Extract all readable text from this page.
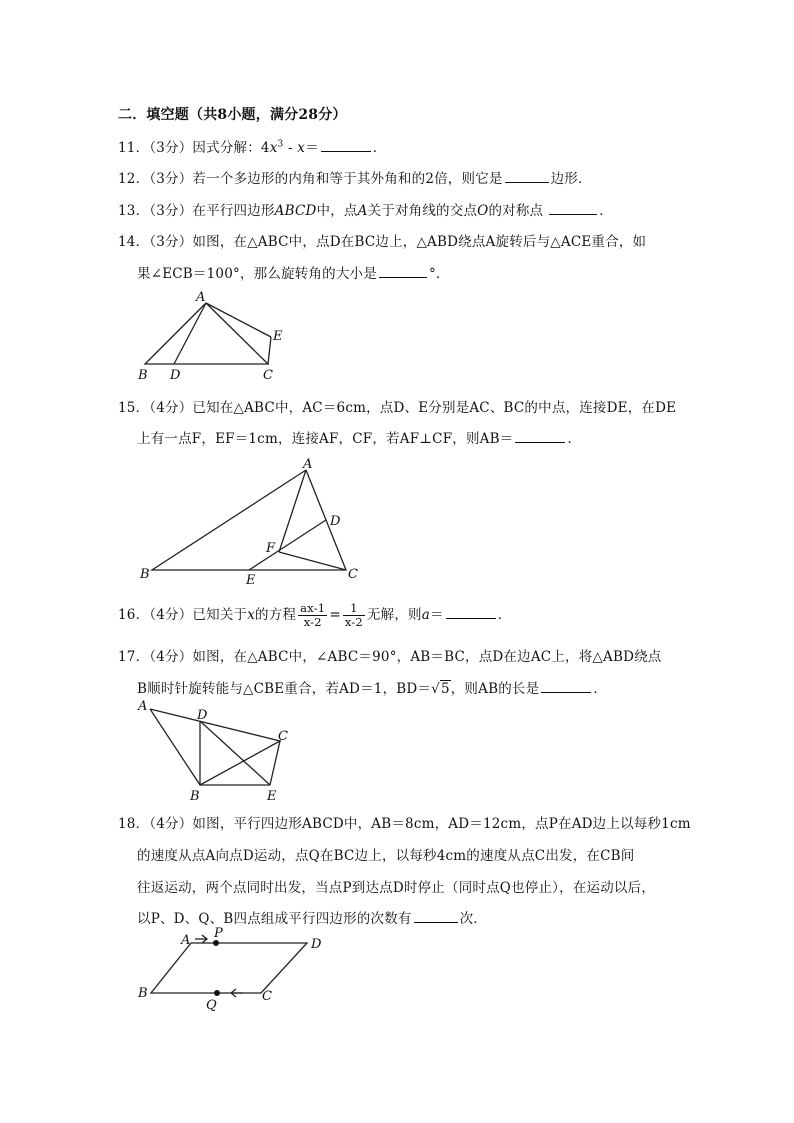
二．填空题（共8小题，满分28分）
11．（3分）因式分解：$4x^3 - x=$	．
12．（3分）若一个多边形的内角和等于其外角和的2倍，则它是	边形．
13．（3分）在平行四边形ABCD中，点A关于对角线的交点O的对称点	．
14．（3分）如图，在△ABC中，点D在BC边上，△ABD绕点A旋转后与△ACE重合，如
果∠ECB＝100°，那么旋转角的大小是	°．
A
B D	C
E
15．（4分）已知在△ABC中，AC＝6cm，点D、E分别是AC、BC的中点，连接DE，在DE
上有一点F，EF＝1cm，连接AF，CF，若AF⊥CF，则AB＝	．
A
B
D
F
E	C
16．（4分）已知关于x的方程 $\frac{ax-1}{x-2} = \frac{1}{x-2}$ 无解，则a＝	．
17．（4分）如图，在△ABC中，∠ABC＝90°，AB＝BC，点D在边AC上，将△ABD绕点
B顺时针旋转能与△CBE重合，若AD＝1，BD＝√5，则AB的长是	．
A
D
C
B	E
18．（4分）如图，平行四边形ABCD中，AB＝8cm，AD＝12cm，点P在AD边上以每秒1cm
的速度从点A向点D运动，点Q在BC边上，以每秒4cm的速度从点C出发，在CB间
往返运动，两个点同时出发，当点P到达点D时停止（同时点Q也停止），在运动以后，
以P、D、Q、B四点组成平行四边形的次数有	次．
A P
D
B
Q
C
